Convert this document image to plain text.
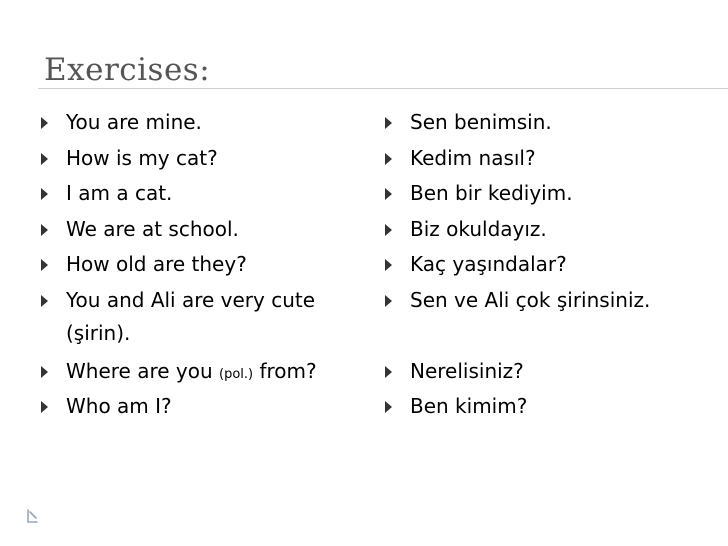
Exercises:
You are mine.
How is my cat?
I am a cat.
We are at school.
How old are they?
You and Ali are very cute (şirin).
Where are you (pol.) from?
Who am I?
Sen benimsin.
Kedim nasıl?
Ben bir kediyim.
Biz okuldayız.
Kaç yaşındalar?
Sen ve Ali çok şirinsiniz.
Nerelisiniz?
Ben kimim?
